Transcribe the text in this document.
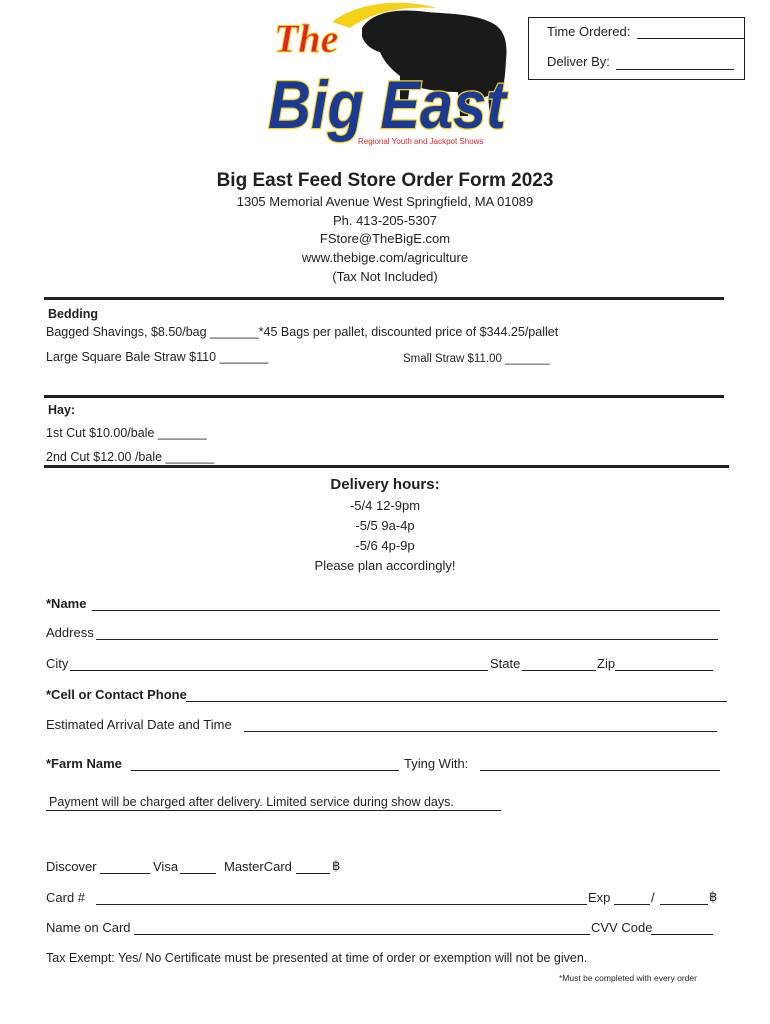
The
Big East
Regional Youth and Jackpot Shows
Time Ordered:
Deliver By:
Big East Feed Store Order Form 2023
1305 Memorial Avenue West Springfield, MA 01089
Ph. 413-205-5307
FStore@TheBigE.com
www.thebige.com/agriculture
(Tax Not Included)
Bedding
Bagged Shavings, $8.50/bag _______*45 Bags per pallet, discounted price of $344.25/pallet
Large Square Bale Straw $110 _______	Small Straw $11.00 _______
Hay:
1st Cut $10.00/bale _______
2nd Cut $12.00 /bale _______
Delivery hours:
-5/4 12-9pm
-5/5 9a-4p
-5/6 4p-9p
Please plan accordingly!
*Name
Address
City	State	Zip
*Cell or Contact Phone
Estimated Arrival Date and Time
*Farm Name	Tying With:
Payment will be charged after delivery. Limited service during show days.
Discover	Visa	MasterCard	฿
Card #	Exp	/	฿
Name on Card	CVV Code
Tax Exempt: Yes/ No Certificate must be presented at time of order or exemption will not be given.
*Must be completed with every order
